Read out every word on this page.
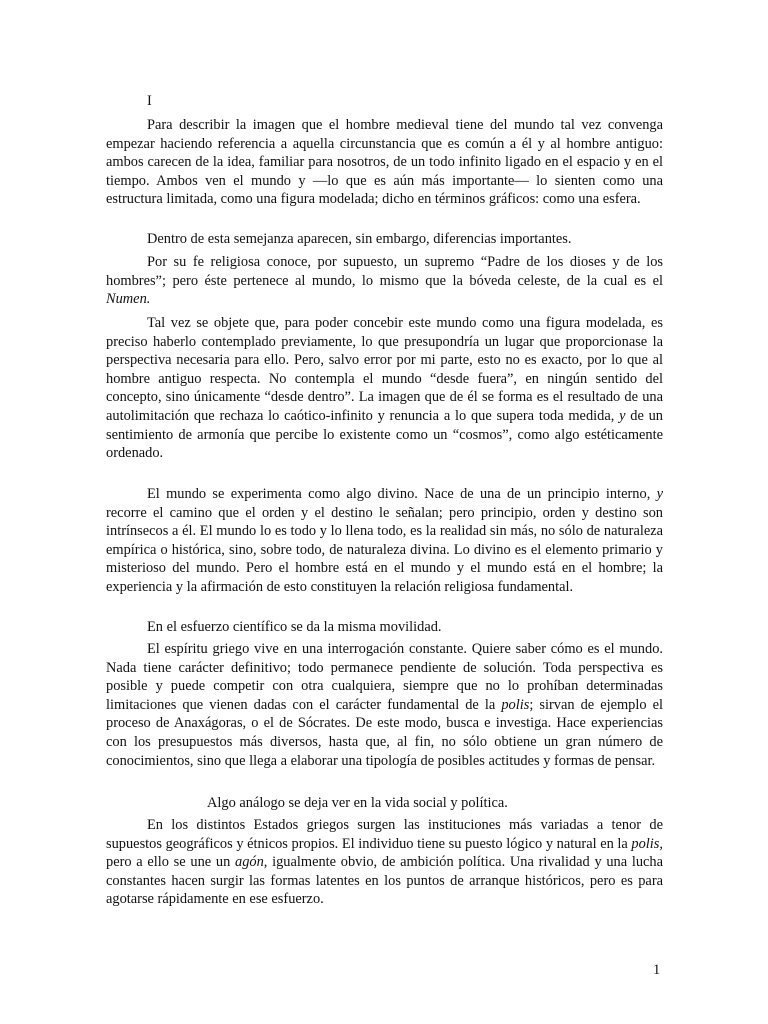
I

Para describir la imagen que el hombre medieval tiene del mundo tal vez convenga empezar haciendo referencia a aquella circunstancia que es común a él y al hombre antiguo: ambos carecen de la idea, familiar para nosotros, de un todo infinito ligado en el espacio y en el tiempo. Ambos ven el mundo y —lo que es aún más importante— lo sienten como una estructura limitada, como una figura modelada; dicho en términos gráficos: como una esfera.

Dentro de esta semejanza aparecen, sin embargo, diferencias importantes.

Por su fe religiosa conoce, por supuesto, un supremo “Padre de los dioses y de los hombres”; pero éste pertenece al mundo, lo mismo que la bóveda celeste, de la cual es el Numen.

Tal vez se objete que, para poder concebir este mundo como una figura modelada, es preciso haberlo contemplado previamente, lo que presupondría un lugar que proporcionase la perspectiva necesaria para ello. Pero, salvo error por mi parte, esto no es exacto, por lo que al hombre antiguo respecta. No contempla el mundo “desde fuera”, en ningún sentido del concepto, sino únicamente “desde dentro”. La imagen que de él se forma es el resultado de una autolimitación que rechaza lo caótico-infinito y renuncia a lo que supera toda medida, y de un sentimiento de armonía que percibe lo existente como un “cosmos”, como algo estéticamente ordenado.

El mundo se experimenta como algo divino. Nace de una de un principio interno, y recorre el camino que el orden y el destino le señalan; pero principio, orden y destino son intrínsecos a él. El mundo lo es todo y lo llena todo, es la realidad sin más, no sólo de naturaleza empírica o histórica, sino, sobre todo, de naturaleza divina. Lo divino es el elemento primario y misterioso del mundo. Pero el hombre está en el mundo y el mundo está en el hombre; la experiencia y la afirmación de esto constituyen la relación religiosa fundamental.

En el esfuerzo científico se da la misma movilidad.

El espíritu griego vive en una interrogación constante. Quiere saber cómo es el mundo. Nada tiene carácter definitivo; todo permanece pendiente de solución. Toda perspectiva es posible y puede competir con otra cualquiera, siempre que no lo prohíban determinadas limitaciones que vienen dadas con el carácter fundamental de la polis; sirvan de ejemplo el proceso de Anaxágoras, o el de Sócrates. De este modo, busca e investiga. Hace experiencias con los presupuestos más diversos, hasta que, al fin, no sólo obtiene un gran número de conocimientos, sino que llega a elaborar una tipología de posibles actitudes y formas de pensar.

Algo análogo se deja ver en la vida social y política.

En los distintos Estados griegos surgen las instituciones más variadas a tenor de supuestos geográficos y étnicos propios. El individuo tiene su puesto lógico y natural en la polis, pero a ello se une un agón, igualmente obvio, de ambición política. Una rivalidad y una lucha constantes hacen surgir las formas latentes en los puntos de arranque históricos, pero es para agotarse rápidamente en ese esfuerzo.

1
